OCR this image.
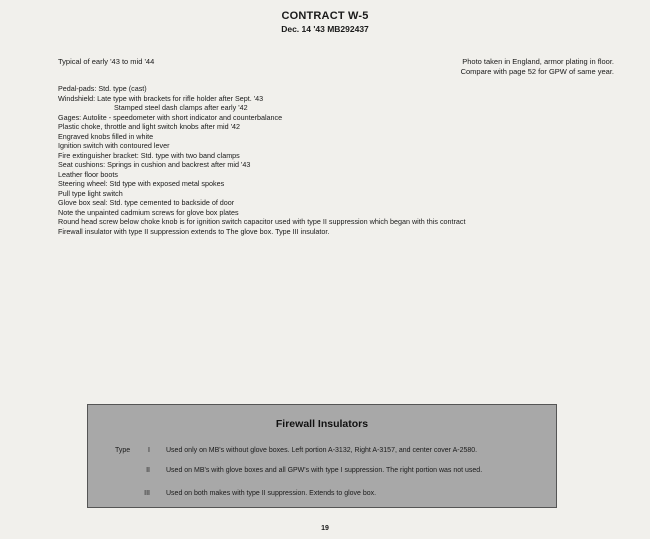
CONTRACT W-5
Dec. 14 '43 MB292437
Typical of early '43 to mid '44	Photo taken in England, armor plating in floor.
Compare with page 52 for GPW of same year.
Pedal-pads: Std. type (cast)
Windshield: Late type with brackets for rifle holder after Sept. '43
Stamped steel dash clamps after early '42
Gages: Autolite - speedometer with short indicator and counterbalance
Plastic choke, throttle and light switch knobs after mid '42
Engraved knobs filled in white
Ignition switch with contoured lever
Fire extinguisher bracket: Std. type with two band clamps
Seat cushions: Springs in cushion and backrest after mid '43
Leather floor boots
Steering wheel: Std type with exposed metal spokes
Pull type light switch
Glove box seal: Std. type cemented to backside of door
Note the unpainted cadmium screws for glove box plates
Round head screw below choke knob is for ignition switch capacitor used with type II suppression which began with this contract
Firewall insulator with type II suppression extends to The glove box. Type III insulator.
Firewall Insulators
Type	I Used only on MB's without glove boxes. Left portion A-3132, Right A-3157, and center cover A-2580.
II Used on MB's with glove boxes and all GPW's with type I suppression. The right portion was not used.
III Used on both makes with type II suppression. Extends to glove box.
19
